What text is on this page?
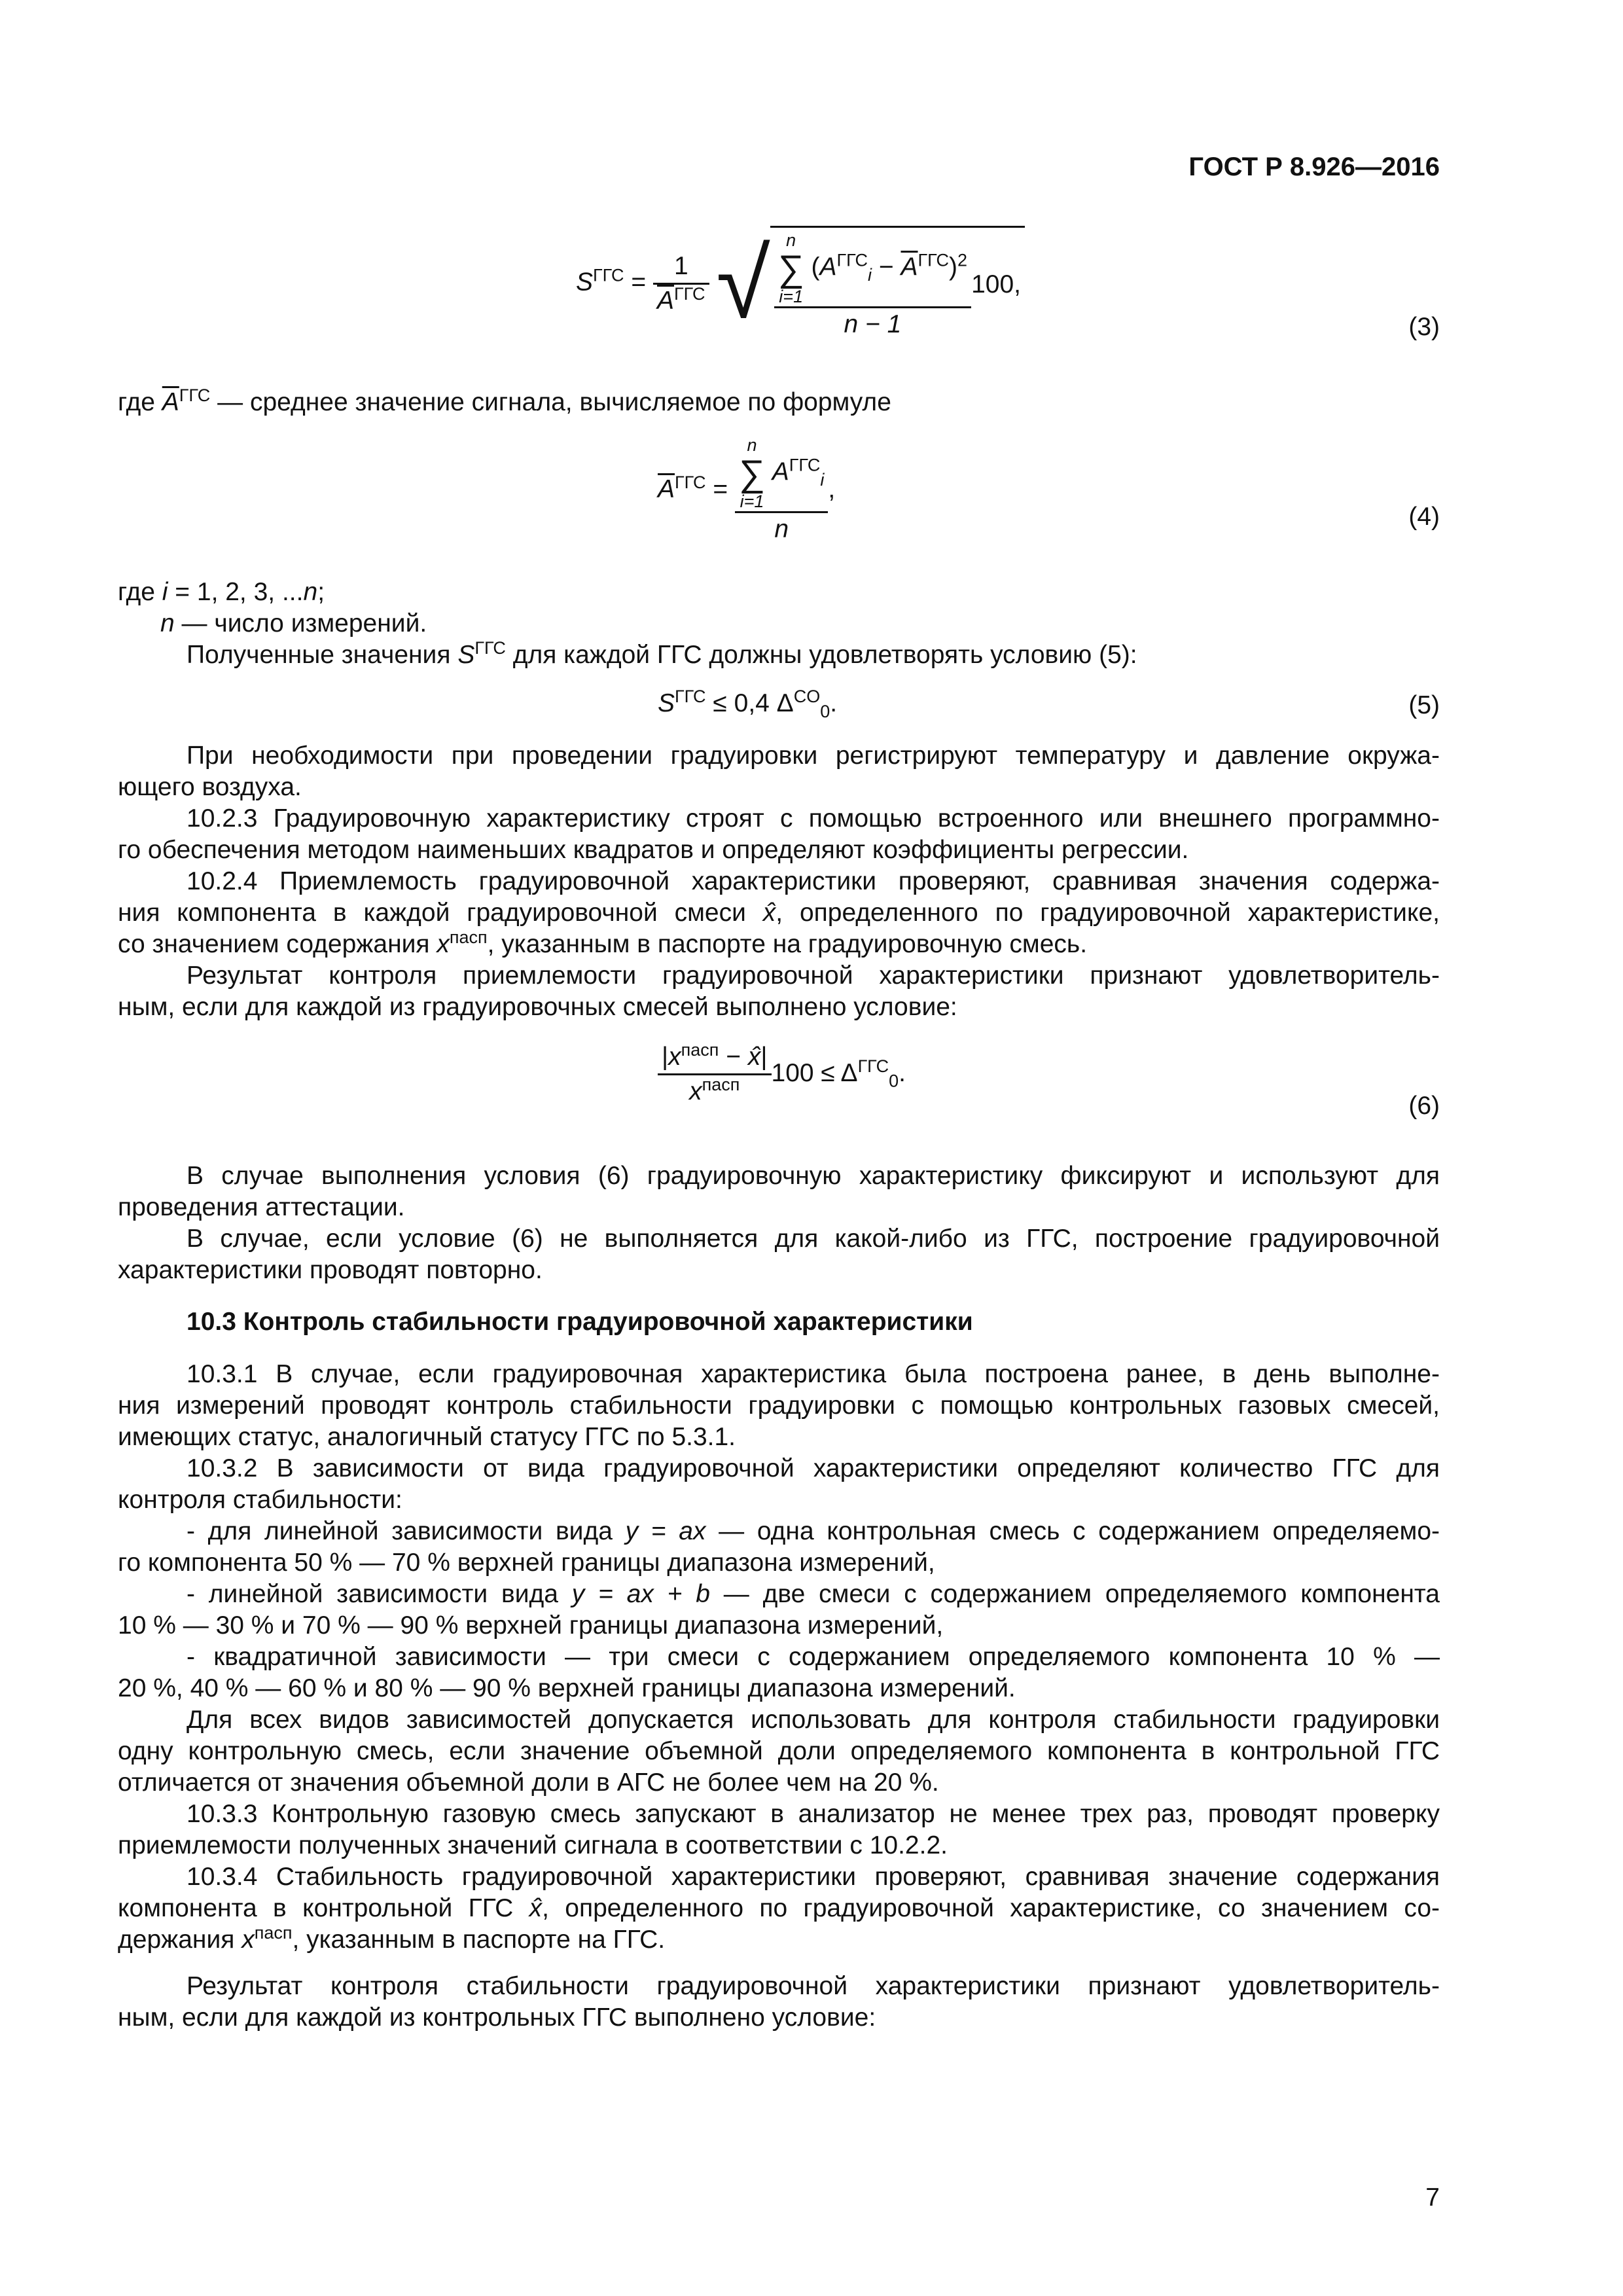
ГОСТ Р 8.926—2016
$S^{ГГС} = \frac{1}{\overline{A}^{ГГС}}$ √ n
∑
i=1
$(A^{ГГС}_i - \overline{A}^{ГГС})^2$
n − 1 100,
(3)
где $\overline{A}^{ГГС}$ — среднее значение сигнала, вычисляемое по формуле
$\overline{A}^{ГГС} = n$
∑
i=1
$A^{ГГС}_i$
n ,
(4)
где i = 1, 2, 3, ...n;
n — число измерений.
Полученные значения $S^{ГГС}$ для каждой ГГС должны удовлетворять условию (5):
$S^{ГГС} \le 0,4$ $\Delta^{CO}_0$.	(5)
При необходимости при проведении градуировки регистрируют температуру и давление окружа-
ющего воздуха.
10.2.3 Градуировочную характеристику строят с помощью встроенного или внешнего программно-
го обеспечения методом наименьших квадратов и определяют коэффициенты регрессии.
10.2.4 Приемлемость градуировочной характеристики проверяют, сравнивая значения содержа-
ния компонента в каждой градуировочной смеси x̂, определенного по градуировочной характеристике,
со значением содержания $x^{пасп}$, указанным в паспорте на градуировочную смесь.
Результат контроля приемлемости градуировочной характеристики признают удовлетворитель-
ным, если для каждой из градуировочных смесей выполнено условие:
$\frac{|x^{пасп} - x̂|}{x^{пасп}} 100 \le \Delta^{ГГС}_0$.
(6)
В случае выполнения условия (6) градуировочную характеристику фиксируют и используют для
проведения аттестации.
В случае, если условие (6) не выполняется для какой-либо из ГГС, построение градуировочной
характеристики проводят повторно.
10.3 Контроль стабильности градуировочной характеристики
10.3.1 В случае, если градуировочная характеристика была построена ранее, в день выполне-
ния измерений проводят контроль стабильности градуировки с помощью контрольных газовых смесей,
имеющих статус, аналогичный статусу ГГС по 5.3.1.
10.3.2 В зависимости от вида градуировочной характеристики определяют количество ГГС для
контроля стабильности:
- для линейной зависимости вида y = ax — одна контрольная смесь с содержанием определяемо-
го компонента 50 % — 70 % верхней границы диапазона измерений,
- линейной зависимости вида y = ax + b — две смеси с содержанием определяемого компонента
10 % — 30 % и 70 % — 90 % верхней границы диапазона измерений,
- квадратичной зависимости — три смеси с содержанием определяемого компонента 10 % —
20 %, 40 % — 60 % и 80 % — 90 % верхней границы диапазона измерений.
Для всех видов зависимостей допускается использовать для контроля стабильности градуировки
одну контрольную смесь, если значение объемной доли определяемого компонента в контрольной ГГС
отличается от значения объемной доли в АГС не более чем на 20 %.
10.3.3 Контрольную газовую смесь запускают в анализатор не менее трех раз, проводят проверку
приемлемости полученных значений сигнала в соответствии с 10.2.2.
10.3.4 Стабильность градуировочной характеристики проверяют, сравнивая значение содержания
компонента в контрольной ГГС x̂, определенного по градуировочной характеристике, со значением со-
держания $x^{пасп}$, указанным в паспорте на ГГС.
Результат контроля стабильности градуировочной характеристики признают удовлетворитель-
ным, если для каждой из контрольных ГГС выполнено условие:
7
